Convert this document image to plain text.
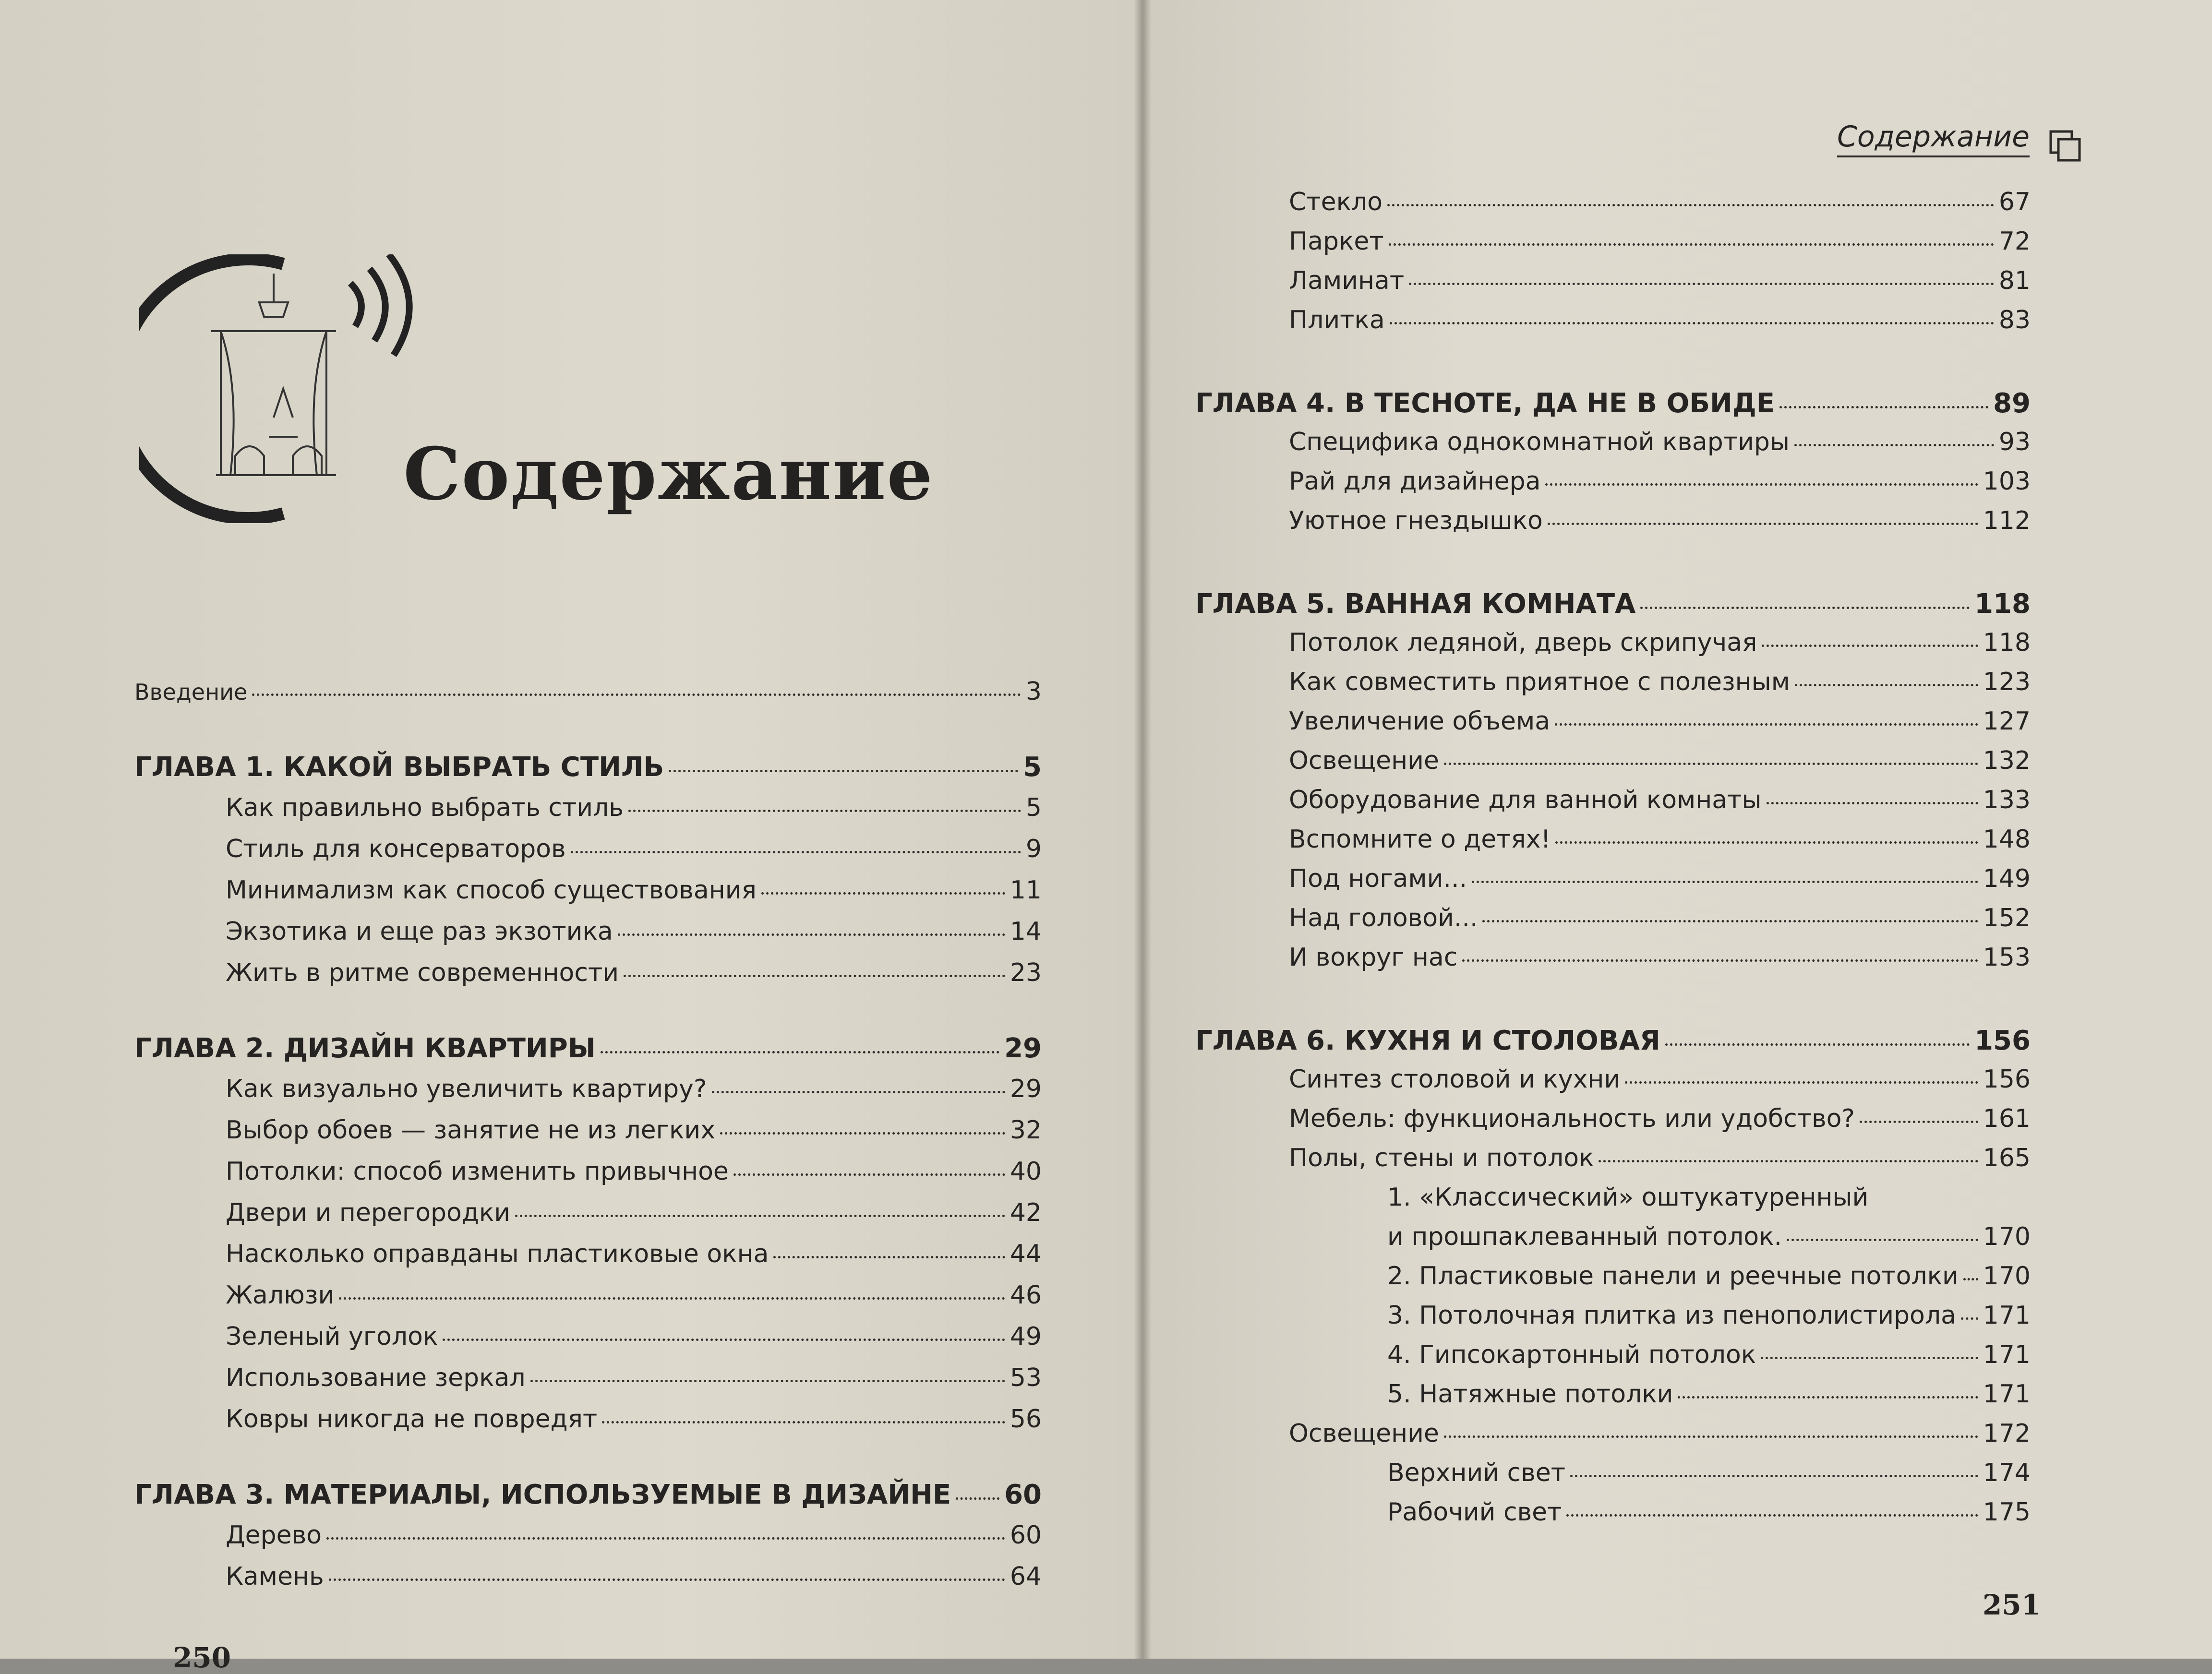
Содержание
Содержание
Введение	3
ГЛАВА 1. КАКОЙ ВЫБРАТЬ СТИЛЬ	5
Как правильно выбрать стиль	5
Стиль для консерваторов	9
Минимализм как способ существования	11
Экзотика и еще раз экзотика	14
Жить в ритме современности	23
ГЛАВА 2. ДИЗАЙН КВАРТИРЫ	29
Как визуально увеличить квартиру?	29
Выбор обоев — занятие не из легких	32
Потолки: способ изменить привычное	40
Двери и перегородки	42
Насколько оправданы пластиковые окна	44
Жалюзи	46
Зеленый уголок	49
Использование зеркал	53
Ковры никогда не повредят	56
ГЛАВА 3. МАТЕРИАЛЫ, ИСПОЛЬЗУЕМЫЕ В ДИЗАЙНЕ 60
Дерево	60
Камень	64
Стекло	67
Паркет	72
Ламинат	81
Плитка	83
ГЛАВА 4. В ТЕСНОТЕ, ДА НЕ В ОБИДЕ	89
Специфика однокомнатной квартиры	93
Рай для дизайнера	103
Уютное гнездышко	112
ГЛАВА 5. ВАННАЯ КОМНАТА	118
Потолок ледяной, дверь скрипучая	118
Как совместить приятное с полезным	123
Увеличение объема	127
Освещение	132
Оборудование для ванной комнаты	133
Вспомните о детях!	148
Под ногами...	149
Над головой...	152
И вокруг нас	153
ГЛАВА 6. КУХНЯ И СТОЛОВАЯ	156
Синтез столовой и кухни	156
Мебель: функциональность или удобство?	161
Полы, стены и потолок	165
1. «Классический» оштукатуренный
и прошпаклеванный потолок.	170
2. Пластиковые панели и реечные потолки 170
3. Потолочная плитка из пенополистирола 171
4. Гипсокартонный потолок	171
5. Натяжные потолки	171
Освещение	172
Верхний свет	174
Рабочий свет	175
250
251
